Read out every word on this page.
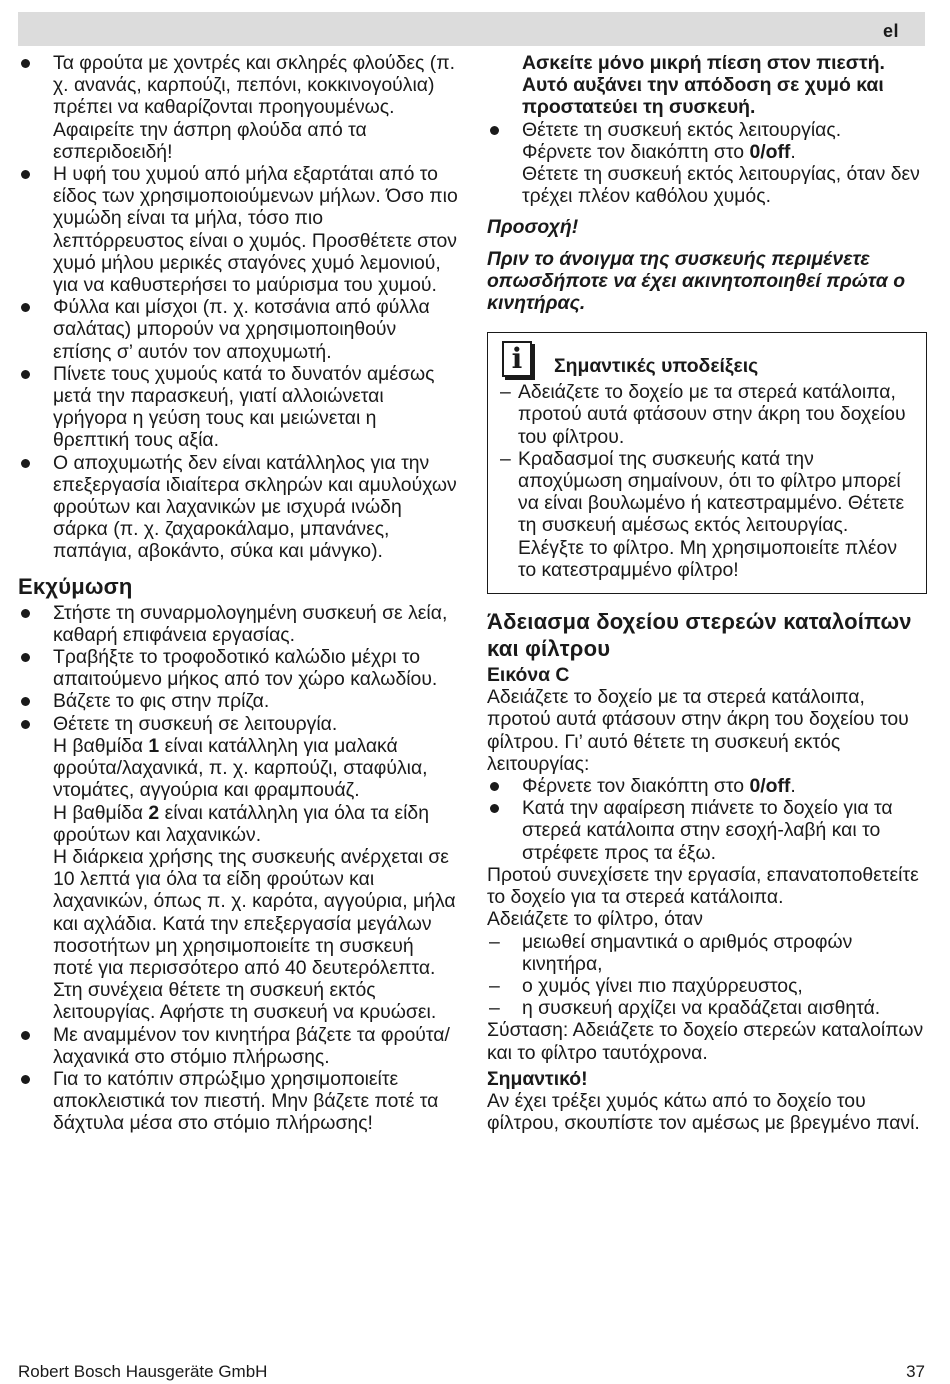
el

Τα φρούτα με χοντρές και σκληρές φλούδες (π. χ. ανανάς, καρπούζι, πεπόνι, κοκκινογούλια) πρέπει να καθαρίζονται προηγουμένως. Αφαιρείτε την άσπρη φλούδα από τα εσπεριδοειδή!

Η υφή του χυμού από μήλα εξαρτάται από το είδος των χρησιμοποιούμενων μήλων. Όσο πιο χυμώδη είναι τα μήλα, τόσο πιο λεπτόρρευστος είναι ο χυμός. Προσθέτετε στον χυμό μήλου μερικές σταγόνες χυμό λεμονιού, για να καθυστερήσει το μαύρισμα του χυμού.

Φύλλα και μίσχοι (π. χ. κοτσάνια από φύλλα σαλάτας) μπορούν να χρησιμοποιηθούν επίσης σ’ αυτόν τον αποχυμωτή.

Πίνετε τους χυμούς κατά το δυνατόν αμέσως μετά την παρασκευή, γιατί αλλοιώνεται γρήγορα η γεύση τους και μειώνεται η θρεπτική τους αξία.

Ο αποχυμωτής δεν είναι κατάλληλος για την επεξεργασία ιδιαίτερα σκληρών και αμυλούχων φρούτων και λαχανικών με ισχυρά ινώδη σάρκα (π. χ. ζαχαροκάλαμο, μπανάνες, παπάγια, αβοκάντο, σύκα και μάνγκο).

Εκχύμωση

Στήστε τη συναρμολογημένη συσκευή σε λεία, καθαρή επιφάνεια εργασίας.

Τραβήξτε το τροφοδοτικό καλώδιο μέχρι το απαιτούμενο μήκος από τον χώρο καλωδίου.

Βάζετε το φις στην πρίζα.

Θέτετε τη συσκευή σε λειτουργία.
Η βαθμίδα 1 είναι κατάλληλη για μαλακά φρούτα/λαχανικά, π. χ. καρπούζι, σταφύλια, ντομάτες, αγγούρια και φραμπουάζ.
Η βαθμίδα 2 είναι κατάλληλη για όλα τα είδη φρούτων και λαχανικών.
Η διάρκεια χρήσης της συσκευής ανέρχεται σε 10 λεπτά για όλα τα είδη φρούτων και λαχανικών, όπως π. χ. καρότα, αγγούρια, μήλα και αχλάδια. Κατά την επεξεργασία μεγάλων ποσοτήτων μη χρησιμοποιείτε τη συσκευή ποτέ για περισσότερο από 40 δευτερόλεπτα. Στη συνέχεια θέτετε τη συσκευή εκτός λειτουργίας. Αφήστε τη συσκευή να κρυώσει.

Με αναμμένον τον κινητήρα βάζετε τα φρούτα/λαχανικά στο στόμιο πλήρωσης.

Για το κατόπιν σπρώξιμο χρησιμοποιείτε αποκλειστικά τον πιεστή. Μην βάζετε ποτέ τα δάχτυλα μέσα στο στόμιο πλήρωσης!

Ασκείτε μόνο μικρή πίεση στον πιεστή. Αυτό αυξάνει την απόδοση σε χυμό και προστατεύει τη συσκευή.

Θέτετε τη συσκευή εκτός λειτουργίας.
Φέρνετε τον διακόπτη στο 0/off.
Θέτετε τη συσκευή εκτός λειτουργίας, όταν δεν τρέχει πλέον καθόλου χυμός.

Προσοχή!

Πριν το άνοιγμα της συσκευής περιμένετε οπωσδήποτε να έχει ακινητοποιηθεί πρώτα ο κινητήρας.

i	Σημαντικές υποδείξεις

– Αδειάζετε το δοχείο με τα στερεά κατάλοιπα, προτού αυτά φτάσουν στην άκρη του δοχείου του φίλτρου.

– Κραδασμοί της συσκευής κατά την αποχύμωση σημαίνουν, ότι το φίλτρο μπορεί να είναι βουλωμένο ή κατεστραμμένο. Θέτετε τη συσκευή αμέσως εκτός λειτουργίας.
Ελέγξτε το φίλτρο. Μη χρησιμοποιείτε πλέον το κατεστραμμένο φίλτρο!
Άδειασμα δοχείου στερεών καταλοίπων και φίλτρου

Εικόνα C

Αδειάζετε το δοχείο με τα στερεά κατάλοιπα, προτού αυτά φτάσουν στην άκρη του δοχείου του φίλτρου. Γι’ αυτό θέτετε τη συσκευή εκτός λειτουργίας:

Φέρνετε τον διακόπτη στο 0/off.

Κατά την αφαίρεση πιάνετε το δοχείο για τα στερεά κατάλοιπα στην εσοχή-λαβή και το στρέφετε προς τα έξω.

Προτού συνεχίσετε την εργασία, επανατοποθετείτε το δοχείο για τα στερεά κατάλοιπα.

Αδειάζετε το φίλτρο, όταν

– μειωθεί σημαντικά ο αριθμός στροφών κινητήρα,

– ο χυμός γίνει πιο παχύρρευστος,

– η συσκευή αρχίζει να κραδάζεται αισθητά.

Σύσταση: Αδειάζετε το δοχείο στερεών καταλοίπων και το φίλτρο ταυτόχρονα.

Σημαντικό!

Αν έχει τρέξει χυμός κάτω από το δοχείο του φίλτρου, σκουπίστε τον αμέσως με βρεγμένο πανί.

Robert Bosch Hausgeräte GmbH	37
